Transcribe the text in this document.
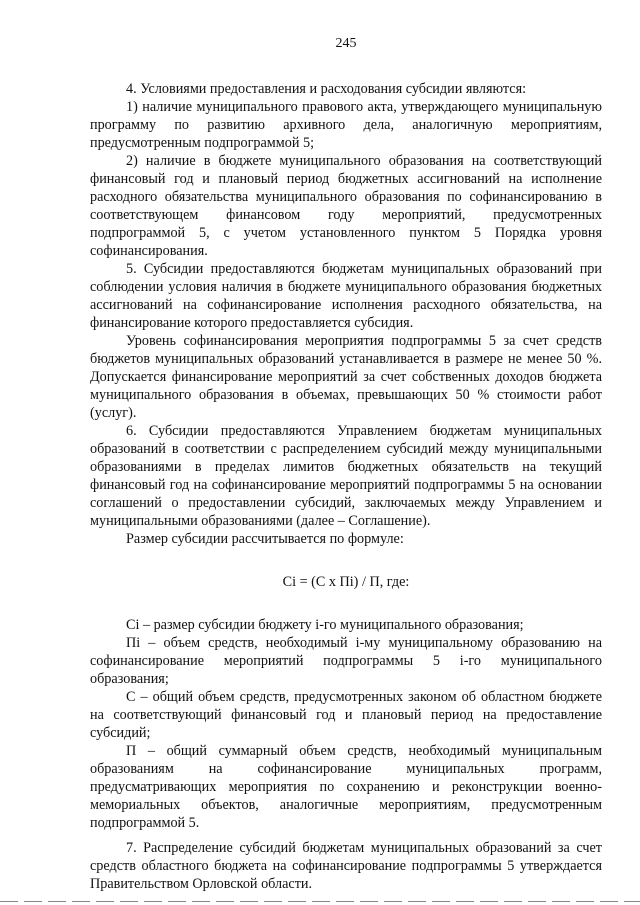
245

4. Условиями предоставления и расходования субсидии являются:

1) наличие муниципального правового акта, утверждающего муниципальную программу по развитию архивного дела, аналогичную мероприятиям, предусмотренным подпрограммой 5;

2) наличие в бюджете муниципального образования на соответствующий финансовый год и плановый период бюджетных ассигнований на исполнение расходного обязательства муниципального образования по софинансированию в соответствующем финансовом году мероприятий, предусмотренных подпрограммой 5, с учетом установленного пунктом 5 Порядка уровня софинансирования.

5. Субсидии предоставляются бюджетам муниципальных образований при соблюдении условия наличия в бюджете муниципального образования бюджетных ассигнований на софинансирование исполнения расходного обязательства, на финансирование которого предоставляется субсидия.

Уровень софинансирования мероприятия подпрограммы 5 за счет средств бюджетов муниципальных образований устанавливается в размере не менее 50 %. Допускается финансирование мероприятий за счет собственных доходов бюджета муниципального образования в объемах, превышающих 50 % стоимости работ (услуг).

6. Субсидии предоставляются Управлением бюджетам муниципальных образований в соответствии с распределением субсидий между муниципальными образованиями в пределах лимитов бюджетных обязательств на текущий финансовый год на софинансирование мероприятий подпрограммы 5 на основании соглашений о предоставлении субсидий, заключаемых между Управлением и муниципальными образованиями (далее – Соглашение).

Размер субсидии рассчитывается по формуле:

Ci = (С х Пi) / П, где:

Ci – размер субсидии бюджету i-го муниципального образования;

Пi – объем средств, необходимый i-му муниципальному образованию на софинансирование мероприятий подпрограммы 5 i-го муниципального образования;

С – общий объем средств, предусмотренных законом об областном бюджете на соответствующий финансовый год и плановый период на предоставление субсидий;

П – общий суммарный объем средств, необходимый муниципальным образованиям на софинансирование муниципальных программ, предусматривающих мероприятия по сохранению и реконструкции военно-мемориальных объектов, аналогичные мероприятиям, предусмотренным подпрограммой 5.

7. Распределение субсидий бюджетам муниципальных образований за счет средств областного бюджета на софинансирование подпрограммы 5 утверждается Правительством Орловской области.
